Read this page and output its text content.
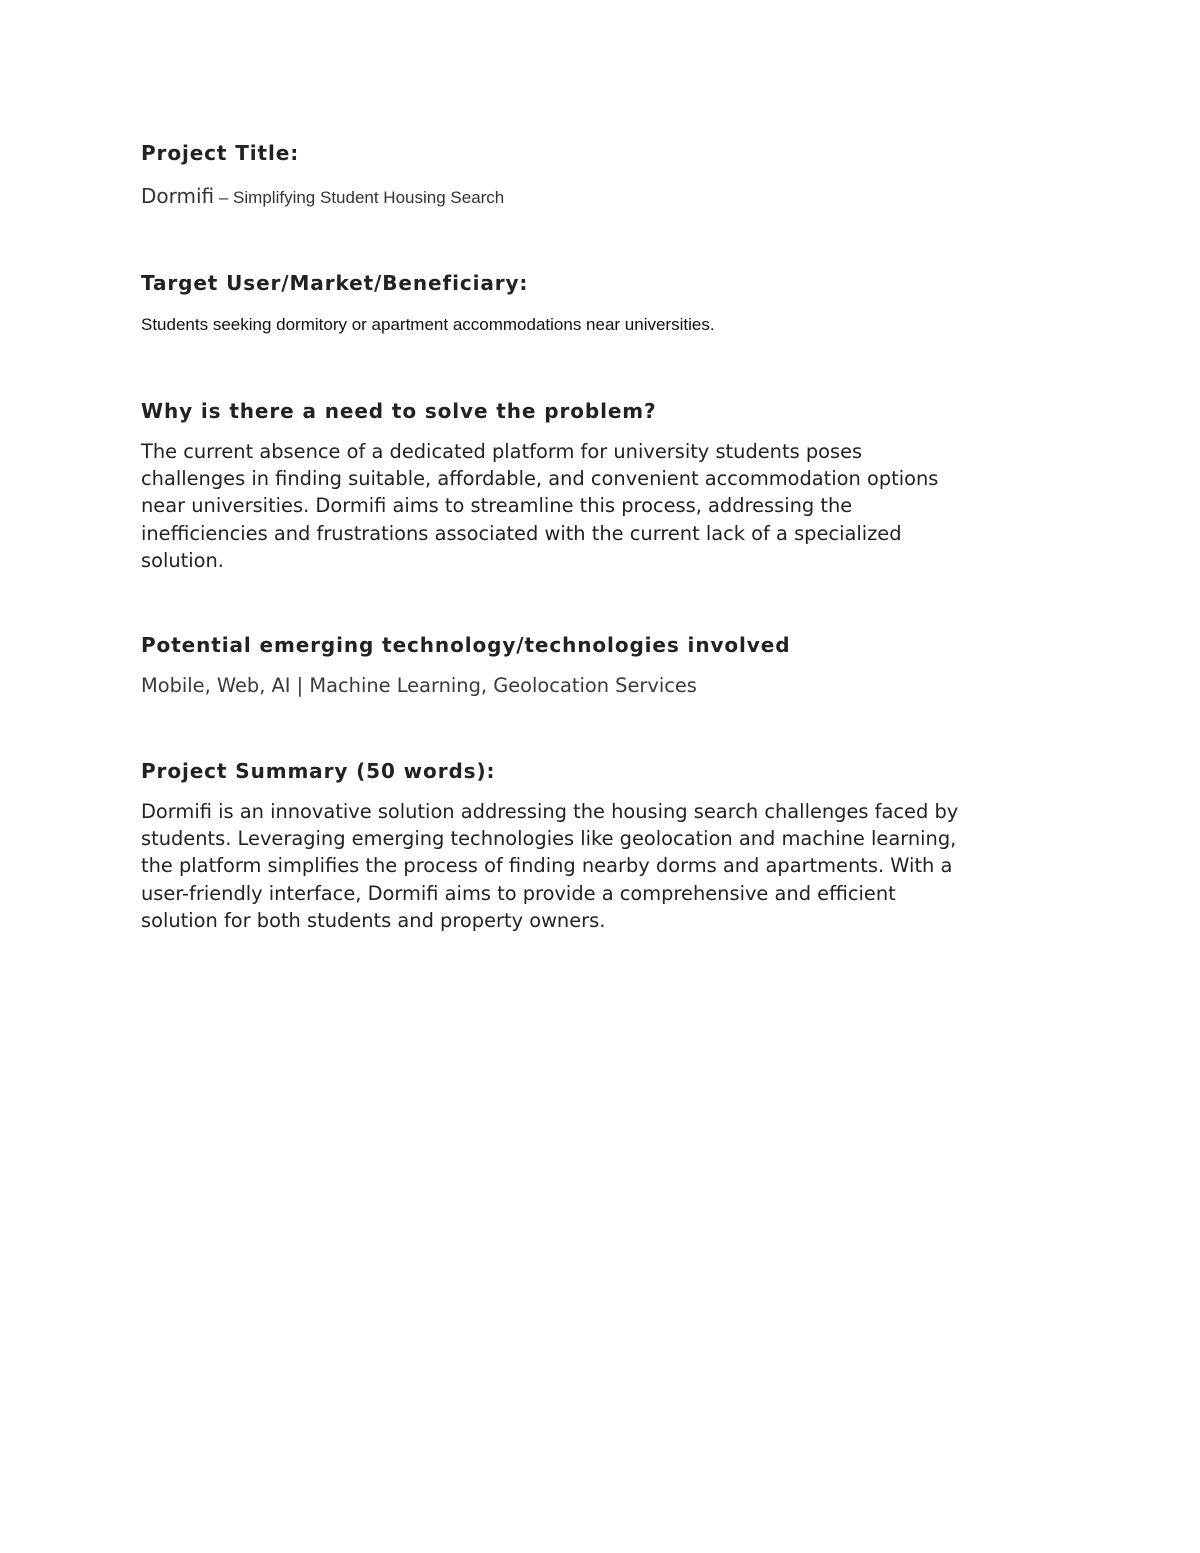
Project Title:

Dormifi – Simplifying Student Housing Search

Target User/Market/Beneficiary:

Students seeking dormitory or apartment accommodations near universities.

Why is there a need to solve the problem?

The current absence of a dedicated platform for university students poses
challenges in finding suitable, affordable, and convenient accommodation options
near universities. Dormifi aims to streamline this process, addressing the
inefficiencies and frustrations associated with the current lack of a specialized
solution.

Potential emerging technology/technologies involved

Mobile, Web, AI | Machine Learning, Geolocation Services

Project Summary (50 words):

Dormifi is an innovative solution addressing the housing search challenges faced by
students. Leveraging emerging technologies like geolocation and machine learning,
the platform simplifies the process of finding nearby dorms and apartments. With a
user-friendly interface, Dormifi aims to provide a comprehensive and efficient
solution for both students and property owners.
